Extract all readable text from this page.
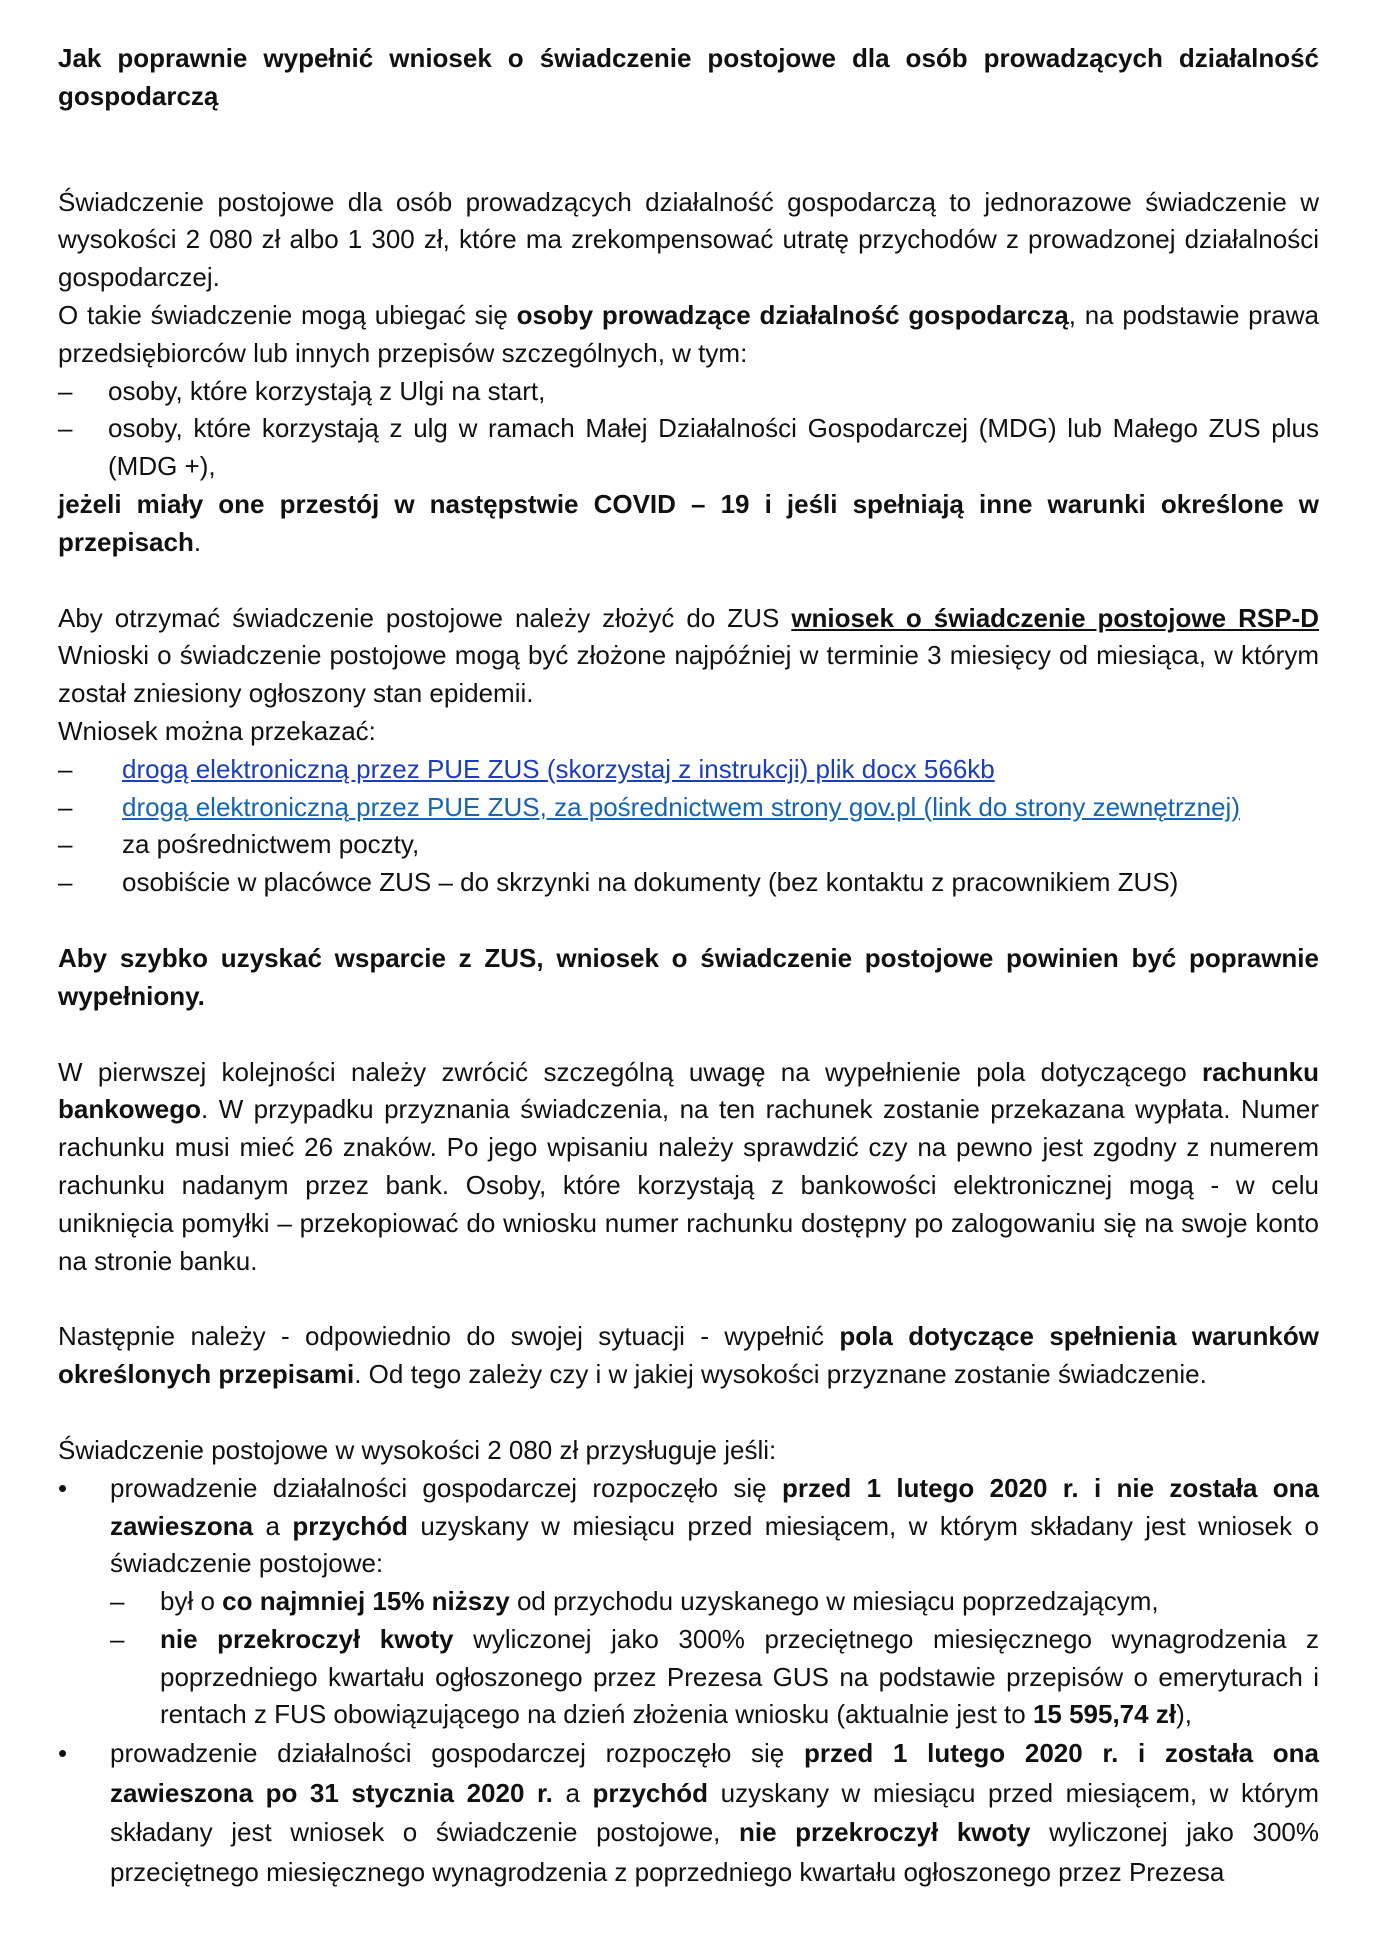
Jak poprawnie wypełnić wniosek o świadczenie postojowe dla osób prowadzących działalność gospodarczą

Świadczenie postojowe dla osób prowadzących działalność gospodarczą to jednorazowe świadczenie w wysokości 2 080 zł albo 1 300 zł, które ma zrekompensować utratę przychodów z prowadzonej działalności gospodarczej.

O takie świadczenie mogą ubiegać się osoby prowadzące działalność gospodarczą, na podstawie prawa przedsiębiorców lub innych przepisów szczególnych, w tym:

– osoby, które korzystają z Ulgi na start,
– osoby, które korzystają z ulg w ramach Małej Działalności Gospodarczej (MDG) lub Małego ZUS plus (MDG +),

jeżeli miały one przestój w następstwie COVID – 19 i jeśli spełniają inne warunki określone w przepisach.

Aby otrzymać świadczenie postojowe należy złożyć do ZUS wniosek o świadczenie postojowe RSP-D Wnioski o świadczenie postojowe mogą być złożone najpóźniej w terminie 3 miesięcy od miesiąca, w którym został zniesiony ogłoszony stan epidemii.

Wniosek można przekazać:

– drogą elektroniczną przez PUE ZUS (skorzystaj z instrukcji) plik docx 566kb
– drogą elektroniczną przez PUE ZUS, za pośrednictwem strony gov.pl (link do strony zewnętrznej)
– za pośrednictwem poczty,
– osobiście w placówce ZUS – do skrzynki na dokumenty (bez kontaktu z pracownikiem ZUS)

Aby szybko uzyskać wsparcie z ZUS, wniosek o świadczenie postojowe powinien być poprawnie wypełniony.

W pierwszej kolejności należy zwrócić szczególną uwagę na wypełnienie pola dotyczącego rachunku bankowego. W przypadku przyznania świadczenia, na ten rachunek zostanie przekazana wypłata. Numer rachunku musi mieć 26 znaków. Po jego wpisaniu należy sprawdzić czy na pewno jest zgodny z numerem rachunku nadanym przez bank. Osoby, które korzystają z bankowości elektronicznej mogą - w celu uniknięcia pomyłki – przekopiować do wniosku numer rachunku dostępny po zalogowaniu się na swoje konto na stronie banku.

Następnie należy - odpowiednio do swojej sytuacji - wypełnić pola dotyczące spełnienia warunków określonych przepisami. Od tego zależy czy i w jakiej wysokości przyznane zostanie świadczenie.

Świadczenie postojowe w wysokości 2 080 zł przysługuje jeśli:

• prowadzenie działalności gospodarczej rozpoczęło się przed 1 lutego 2020 r. i nie została ona zawieszona a przychód uzyskany w miesiącu przed miesiącem, w którym składany jest wniosek o świadczenie postojowe:
– był o co najmniej 15% niższy od przychodu uzyskanego w miesiącu poprzedzającym,
– nie przekroczył kwoty wyliczonej jako 300% przeciętnego miesięcznego wynagrodzenia z poprzedniego kwartału ogłoszonego przez Prezesa GUS na podstawie przepisów o emeryturach i rentach z FUS obowiązującego na dzień złożenia wniosku (aktualnie jest to 15 595,74 zł),
• prowadzenie działalności gospodarczej rozpoczęło się przed 1 lutego 2020 r. i została ona zawieszona po 31 stycznia 2020 r. a przychód uzyskany w miesiącu przed miesiącem, w którym składany jest wniosek o świadczenie postojowe, nie przekroczył kwoty wyliczonej jako 300% przeciętnego miesięcznego wynagrodzenia z poprzedniego kwartału ogłoszonego przez Prezesa
